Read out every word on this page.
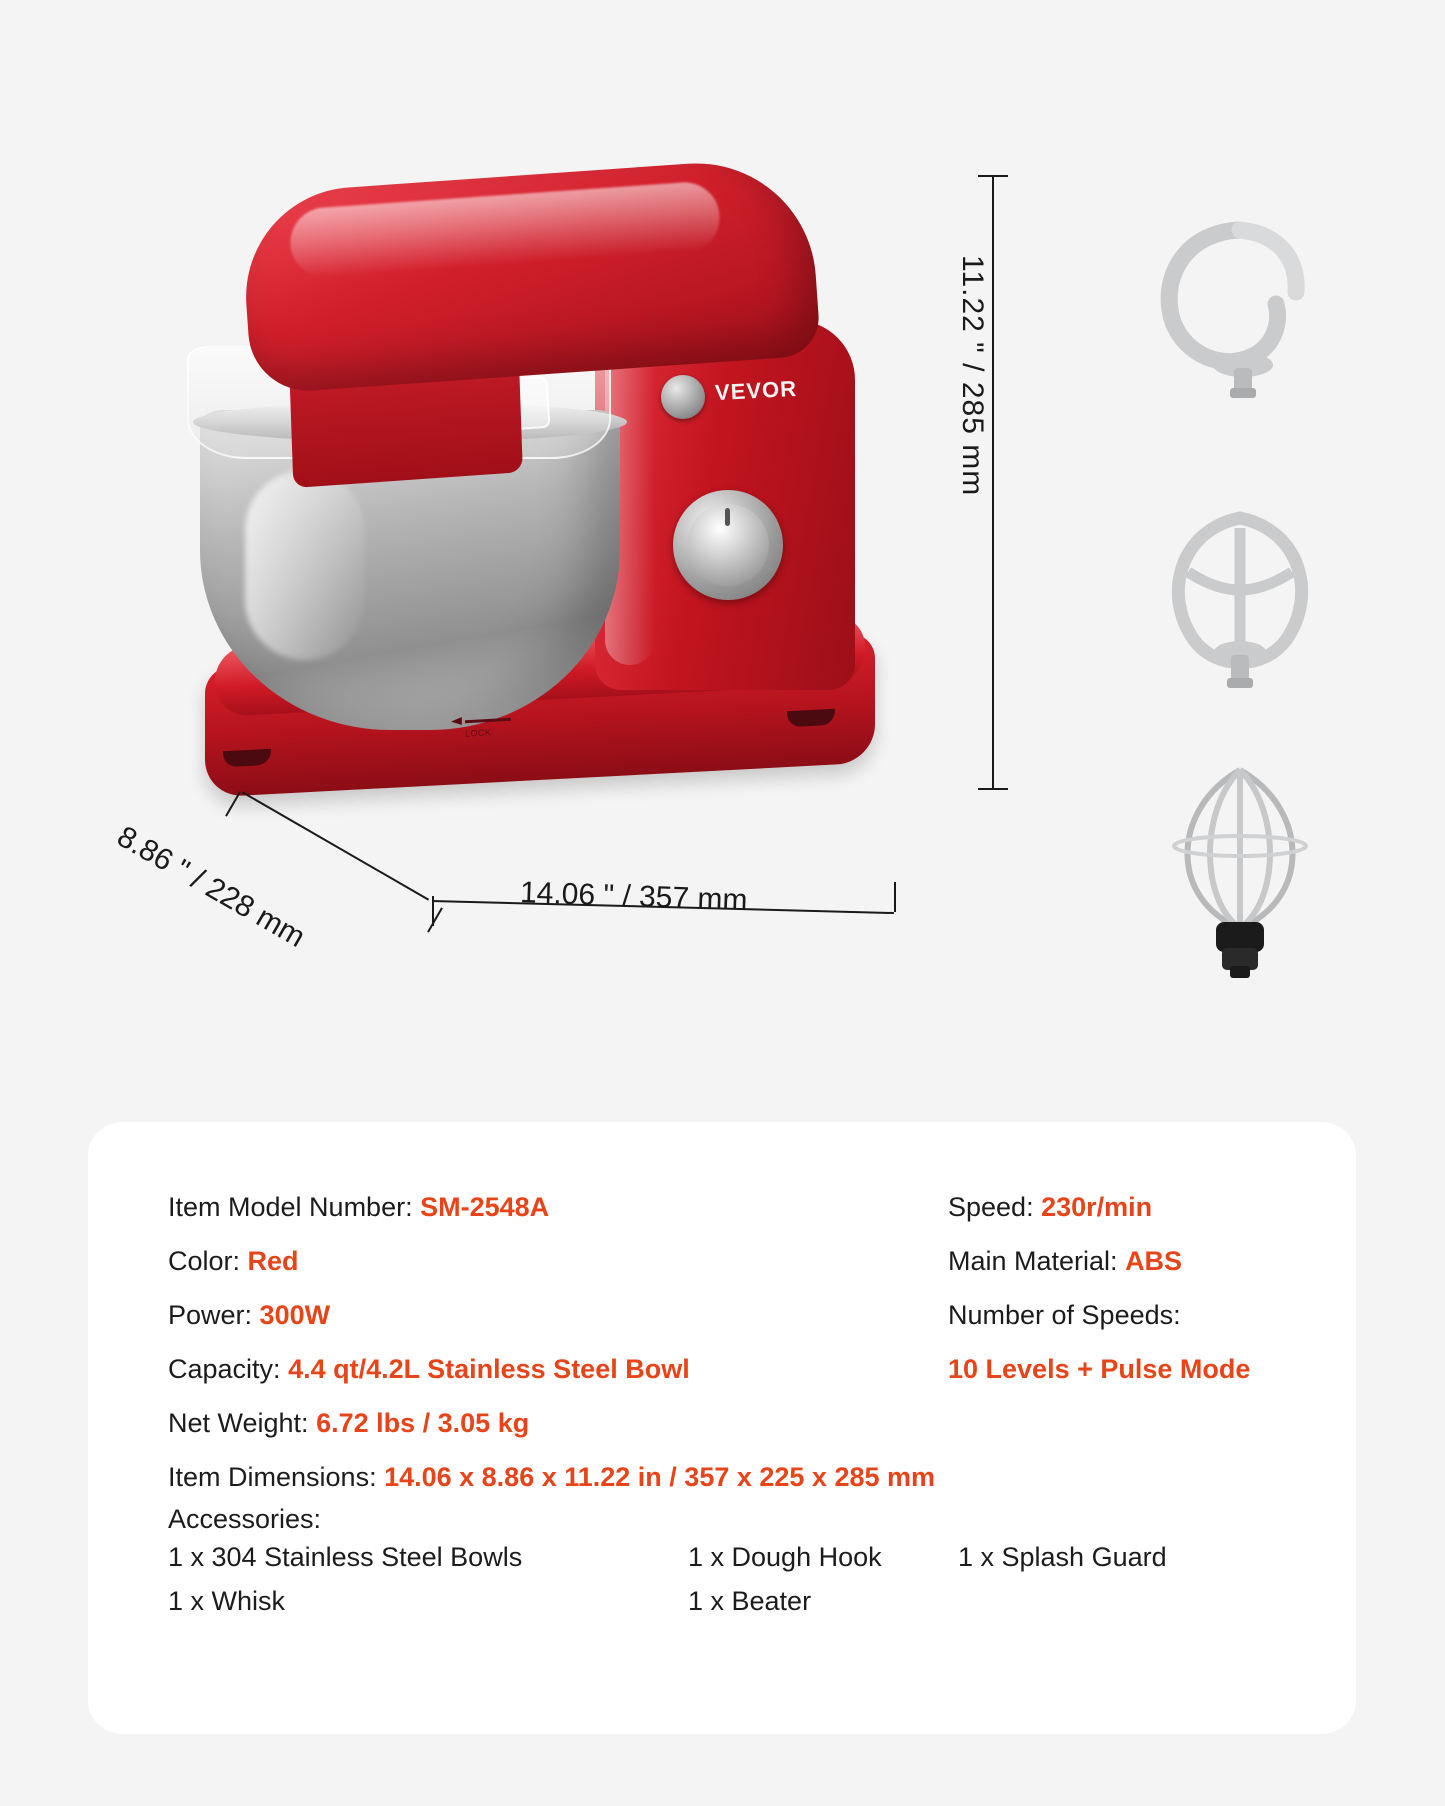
VEVOR
LOCK
11.22 " / 285 mm
14.06 " / 357 mm
8.86 " / 228 mm
Item Model Number: SM-2548A
Color: Red
Power: 300W
Capacity: 4.4 qt/4.2L Stainless Steel Bowl
Net Weight: 6.72 lbs / 3.05 kg
Item Dimensions: 14.06 x 8.86 x 11.22 in / 357 x 225 x 285 mm
Speed: 230r/min
Main Material: ABS
Number of Speeds:
10 Levels + Pulse Mode
Accessories:
1 x 304 Stainless Steel Bowls	1 x Dough Hook	1 x Splash Guard
1 x Whisk	1 x Beater
